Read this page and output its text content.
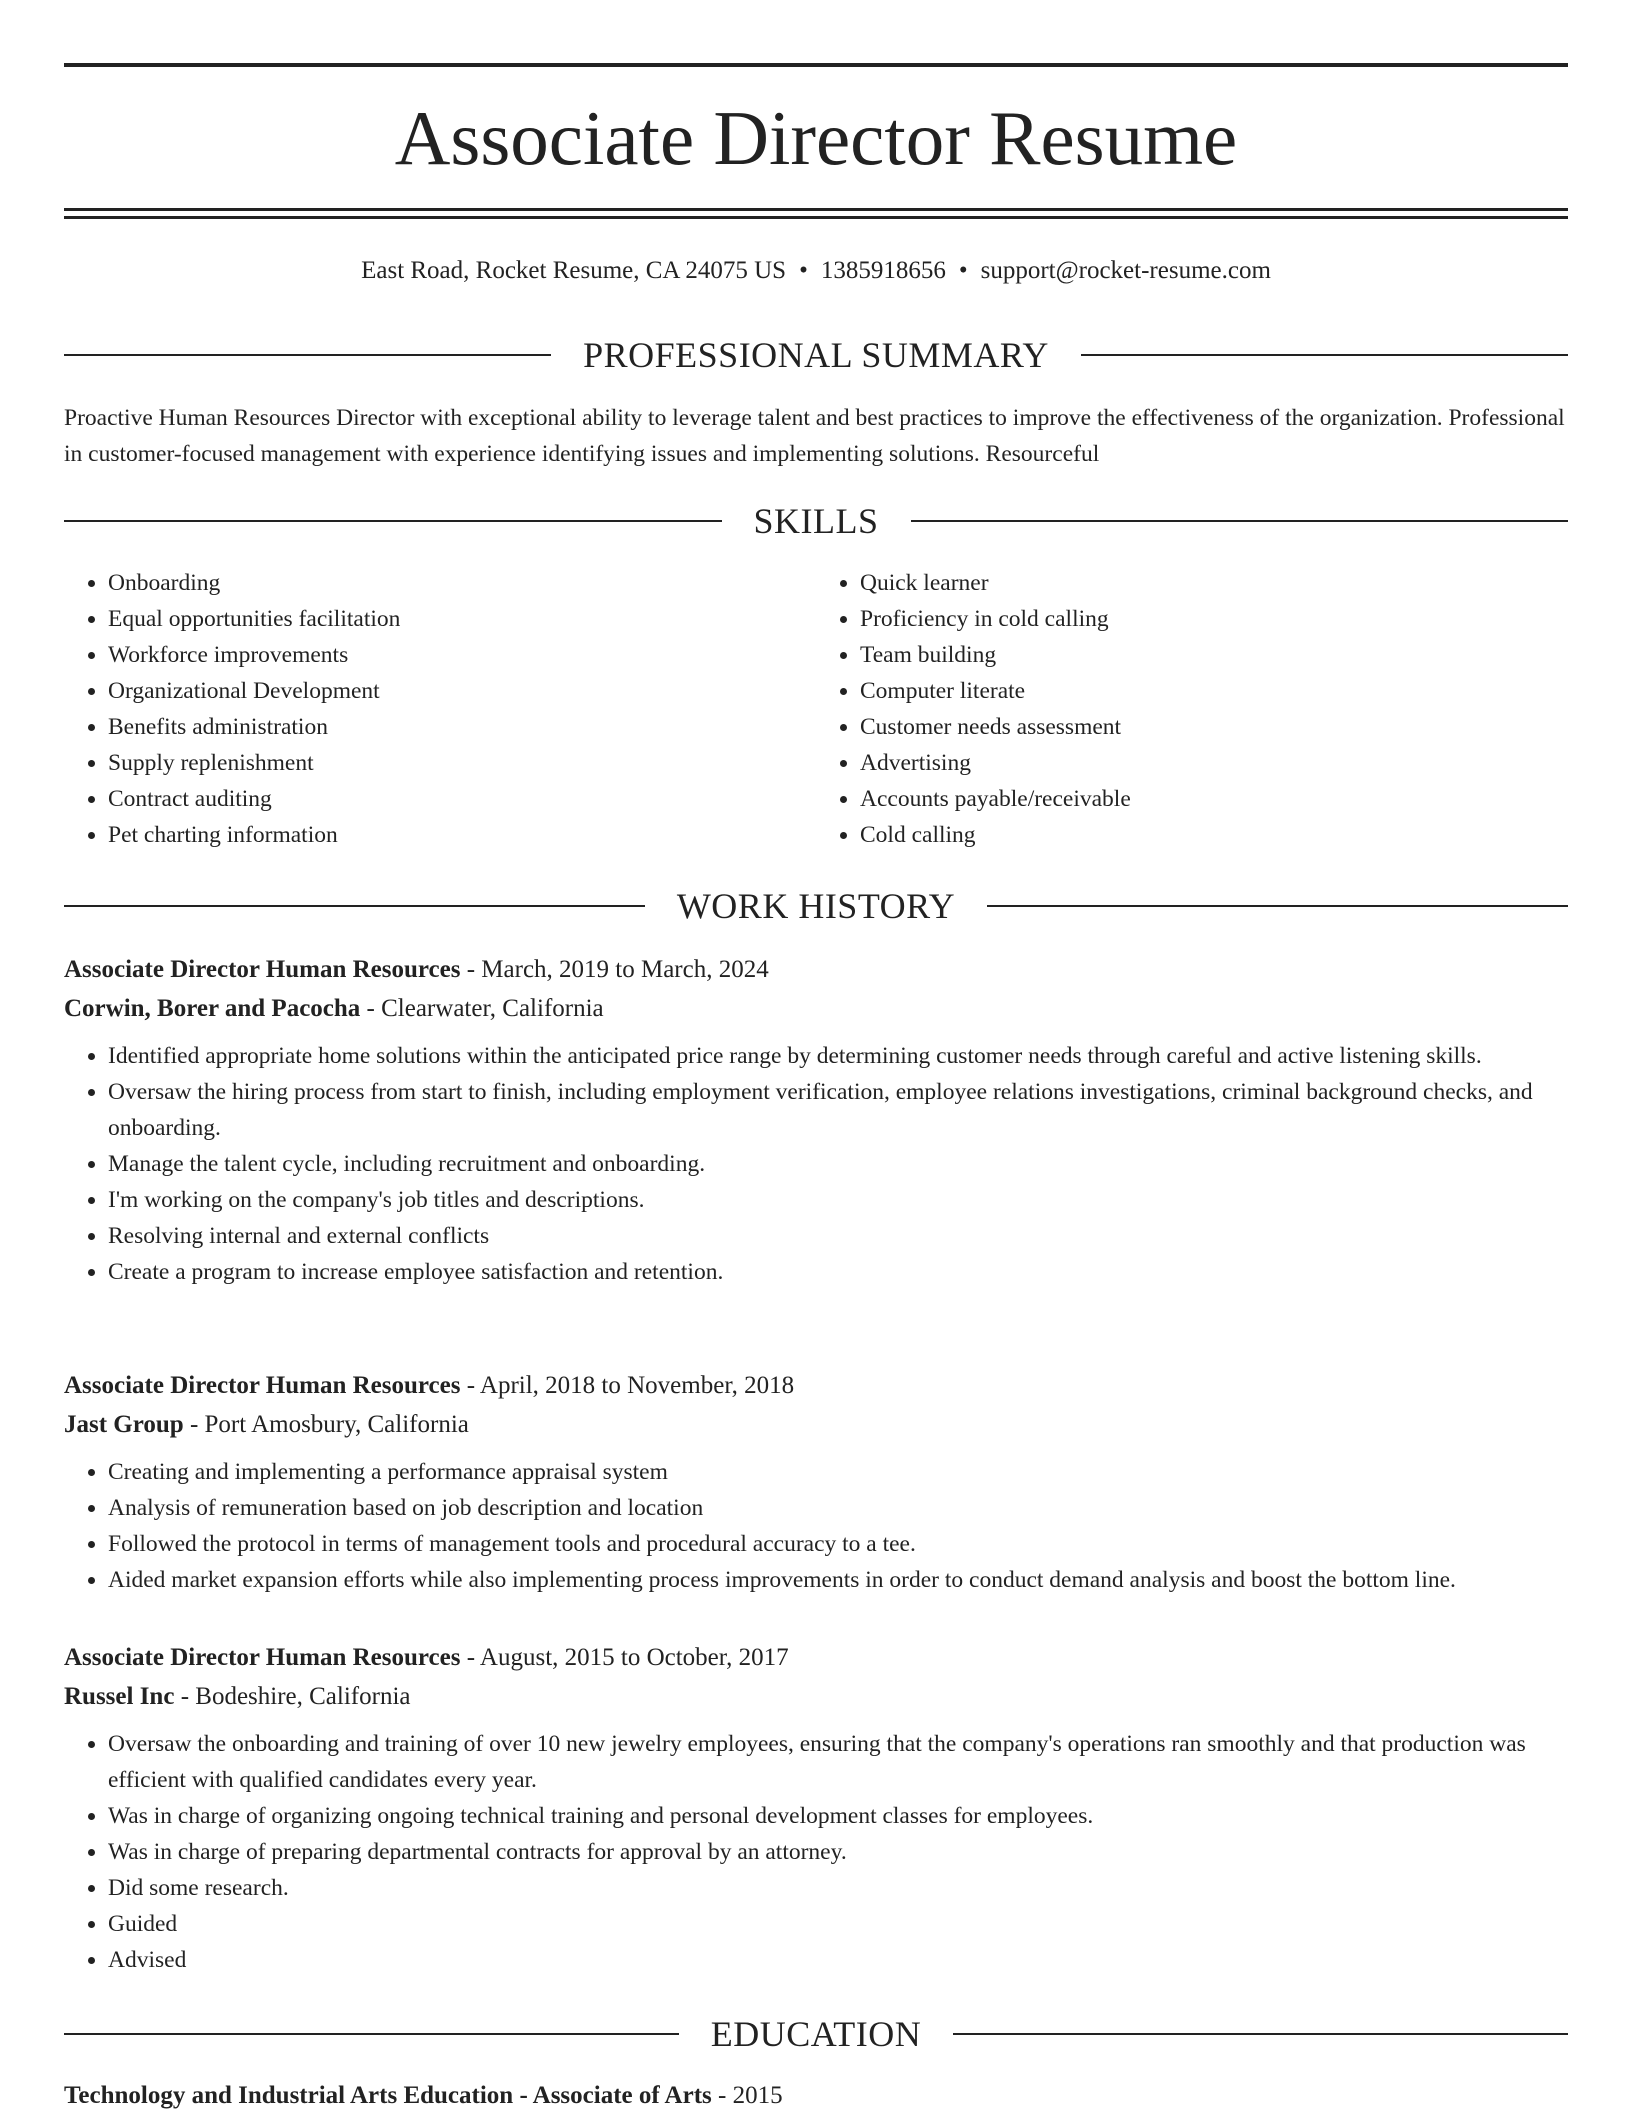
Associate Director Resume
East Road, Rocket Resume, CA 24075 US • 1385918656 • support@rocket-resume.com
PROFESSIONAL SUMMARY

Proactive Human Resources Director with exceptional ability to leverage talent and best practices to improve the effectiveness of the organization. Professional in customer-focused management with experience identifying issues and implementing solutions. Resourceful

SKILLS
• Onboarding
• Equal opportunities facilitation
• Workforce improvements
• Organizational Development
• Benefits administration
• Supply replenishment
• Contract auditing
• Pet charting information
• Quick learner
• Proficiency in cold calling
• Team building
• Computer literate
• Customer needs assessment
• Advertising
• Accounts payable/receivable
• Cold calling
WORK HISTORY
Associate Director Human Resources - March, 2019 to March, 2024
Corwin, Borer and Pacocha - Clearwater, California
• Identified appropriate home solutions within the anticipated price range by determining customer needs through careful and active listening skills.
• Oversaw the hiring process from start to finish, including employment verification, employee relations investigations, criminal background checks, and onboarding.
• Manage the talent cycle, including recruitment and onboarding.
• I'm working on the company's job titles and descriptions.
• Resolving internal and external conflicts
• Create a program to increase employee satisfaction and retention.
Associate Director Human Resources - April, 2018 to November, 2018
Jast Group - Port Amosbury, California
• Creating and implementing a performance appraisal system
• Analysis of remuneration based on job description and location
• Followed the protocol in terms of management tools and procedural accuracy to a tee.
• Aided market expansion efforts while also implementing process improvements in order to conduct demand analysis and boost the bottom line.
Associate Director Human Resources - August, 2015 to October, 2017
Russel Inc - Bodeshire, California
• Oversaw the onboarding and training of over 10 new jewelry employees, ensuring that the company's operations ran smoothly and that production was efficient with qualified candidates every year.
• Was in charge of organizing ongoing technical training and personal development classes for employees.
• Was in charge of preparing departmental contracts for approval by an attorney.
• Did some research.
• Guided
• Advised
EDUCATION
Technology and Industrial Arts Education - Associate of Arts - 2015
